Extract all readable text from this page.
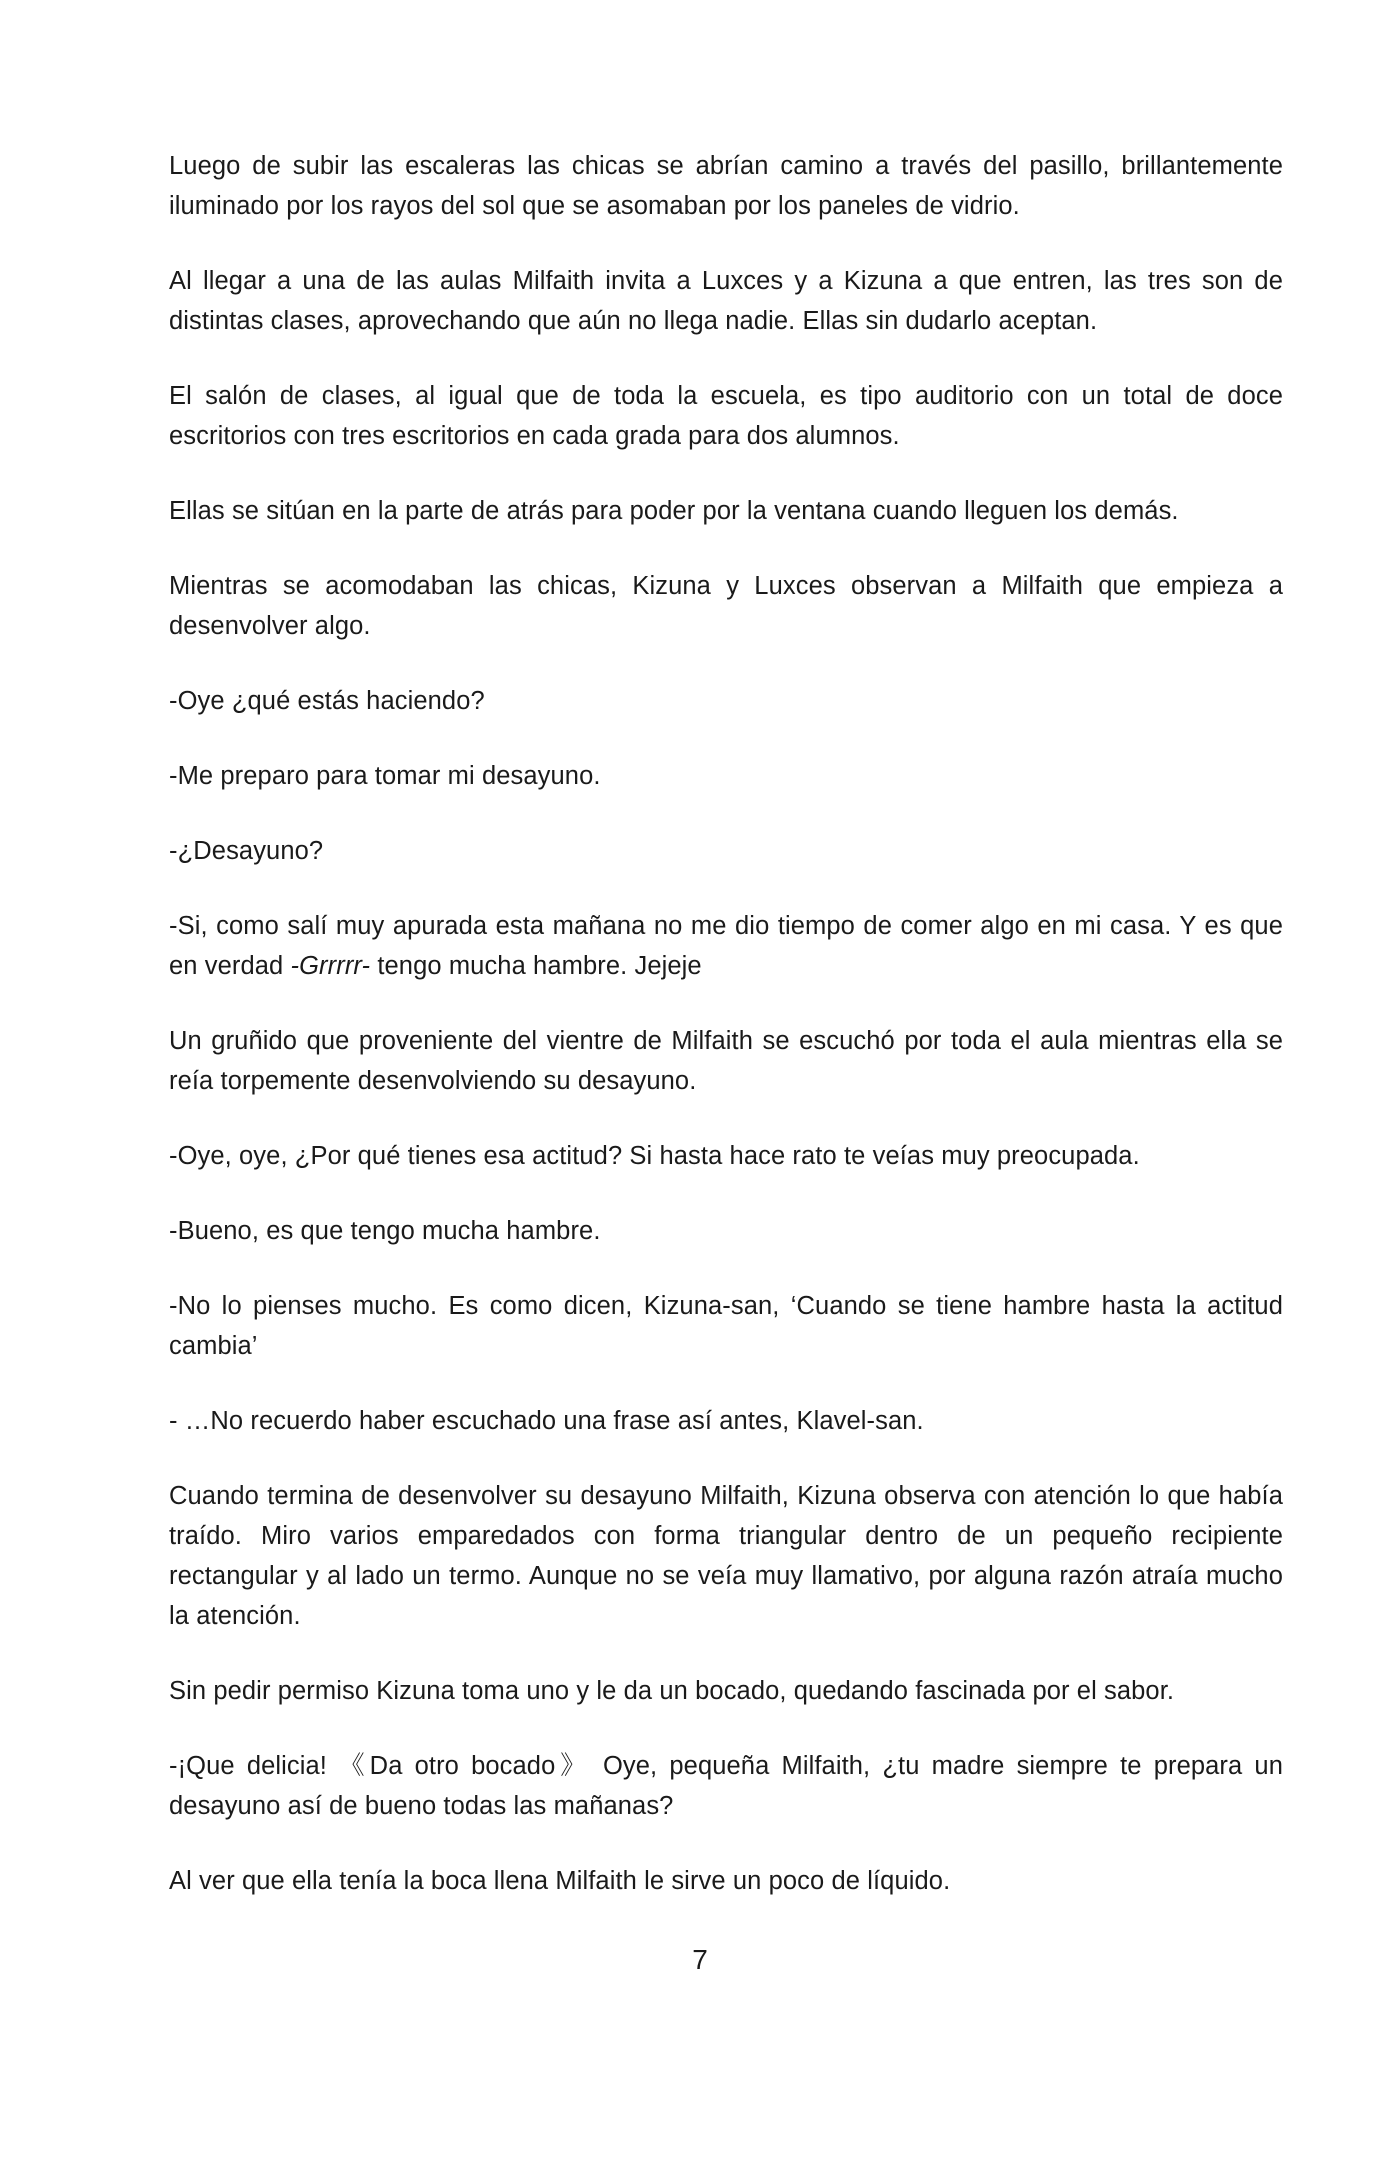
Luego de subir las escaleras las chicas se abrían camino a través del pasillo, brillantemente iluminado por los rayos del sol que se asomaban por los paneles de vidrio.

Al llegar a una de las aulas Milfaith invita a Luxces y a Kizuna a que entren, las tres son de distintas clases, aprovechando que aún no llega nadie. Ellas sin dudarlo aceptan.

El salón de clases, al igual que de toda la escuela, es tipo auditorio con un total de doce escritorios con tres escritorios en cada grada para dos alumnos.

Ellas se sitúan en la parte de atrás para poder por la ventana cuando lleguen los demás.

Mientras se acomodaban las chicas, Kizuna y Luxces observan a Milfaith que empieza a desenvolver algo.

-Oye ¿qué estás haciendo?

-Me preparo para tomar mi desayuno.

-¿Desayuno?

-Si, como salí muy apurada esta mañana no me dio tiempo de comer algo en mi casa. Y es que en verdad -Grrrrr- tengo mucha hambre. Jejeje

Un gruñido que proveniente del vientre de Milfaith se escuchó por toda el aula mientras ella se reía torpemente desenvolviendo su desayuno.

-Oye, oye, ¿Por qué tienes esa actitud? Si hasta hace rato te veías muy preocupada.

-Bueno, es que tengo mucha hambre.

-No lo pienses mucho. Es como dicen, Kizuna-san, ‘Cuando se tiene hambre hasta la actitud cambia’

- …No recuerdo haber escuchado una frase así antes, Klavel-san.

Cuando termina de desenvolver su desayuno Milfaith, Kizuna observa con atención lo que había traído. Miro varios emparedados con forma triangular dentro de un pequeño recipiente rectangular y al lado un termo. Aunque no se veía muy llamativo, por alguna razón atraía mucho la atención.

Sin pedir permiso Kizuna toma uno y le da un bocado, quedando fascinada por el sabor.

-¡Que delicia! 《Da otro bocado》 Oye, pequeña Milfaith, ¿tu madre siempre te prepara un desayuno así de bueno todas las mañanas?

Al ver que ella tenía la boca llena Milfaith le sirve un poco de líquido.

7
